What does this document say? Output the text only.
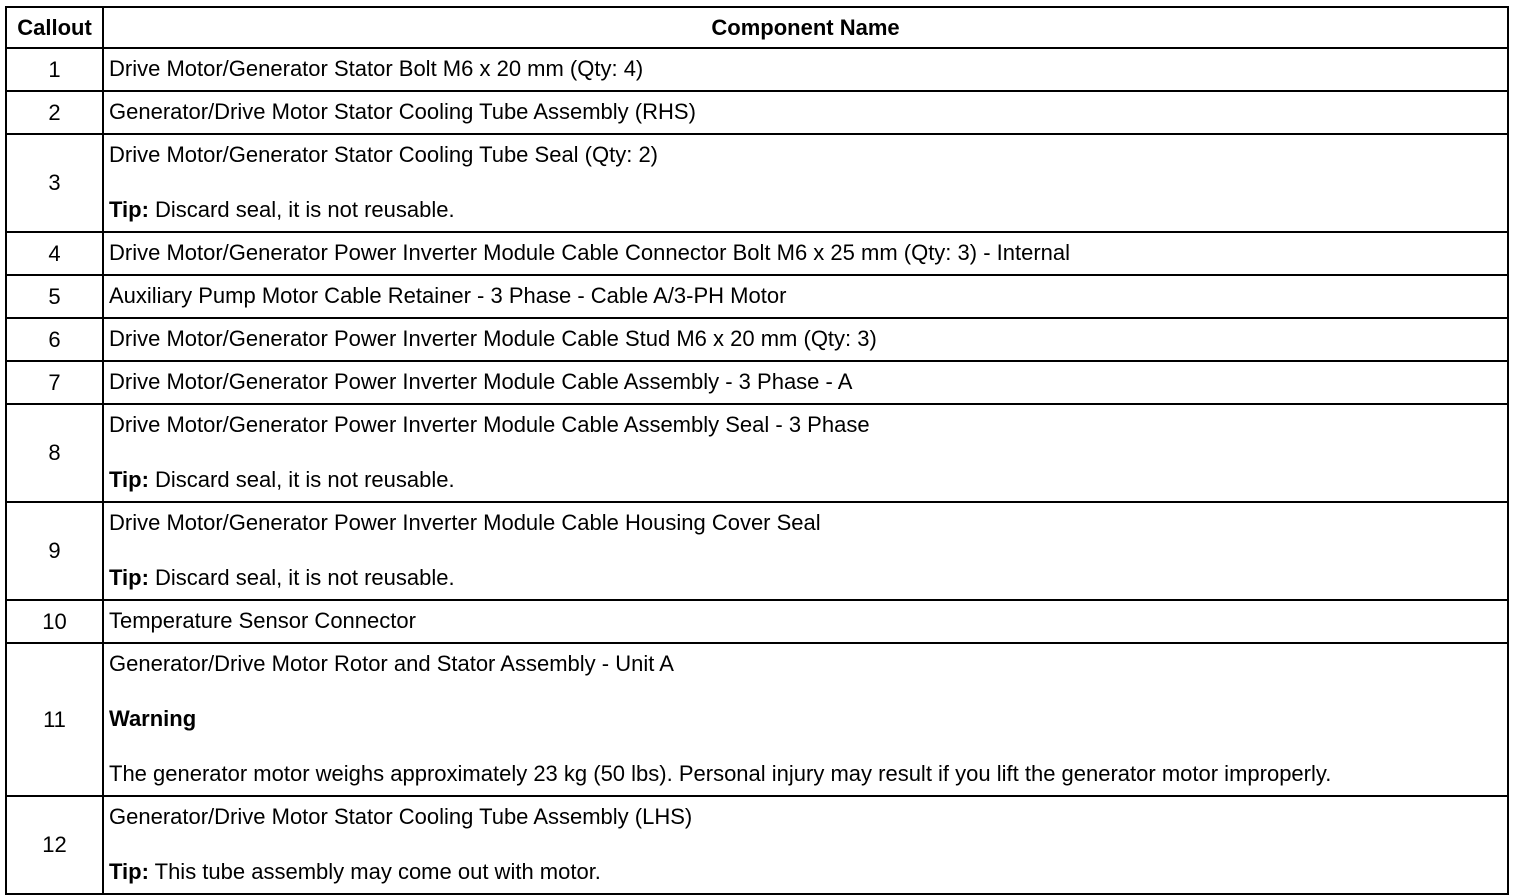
Callout	Component Name
1	Drive Motor/Generator Stator Bolt M6 x 20 mm (Qty: 4)

2	Generator/Drive Motor Stator Cooling Tube Assembly (RHS)

3	Drive Motor/Generator Stator Cooling Tube Seal (Qty: 2)
Tip: Discard seal, it is not reusable.

4	Drive Motor/Generator Power Inverter Module Cable Connector Bolt M6 x 25 mm (Qty: 3) - Internal

5	Auxiliary Pump Motor Cable Retainer - 3 Phase - Cable A/3-PH Motor

6	Drive Motor/Generator Power Inverter Module Cable Stud M6 x 20 mm (Qty: 3)

7	Drive Motor/Generator Power Inverter Module Cable Assembly - 3 Phase - A

8	Drive Motor/Generator Power Inverter Module Cable Assembly Seal - 3 Phase
Tip: Discard seal, it is not reusable.

9	Drive Motor/Generator Power Inverter Module Cable Housing Cover Seal
Tip: Discard seal, it is not reusable.

10	Temperature Sensor Connector

11	Generator/Drive Motor Rotor and Stator Assembly - Unit A
Warning
The generator motor weighs approximately 23 kg (50 lbs). Personal injury may result if you lift the generator motor improperly.

12	Generator/Drive Motor Stator Cooling Tube Assembly (LHS)
Tip: This tube assembly may come out with motor.
